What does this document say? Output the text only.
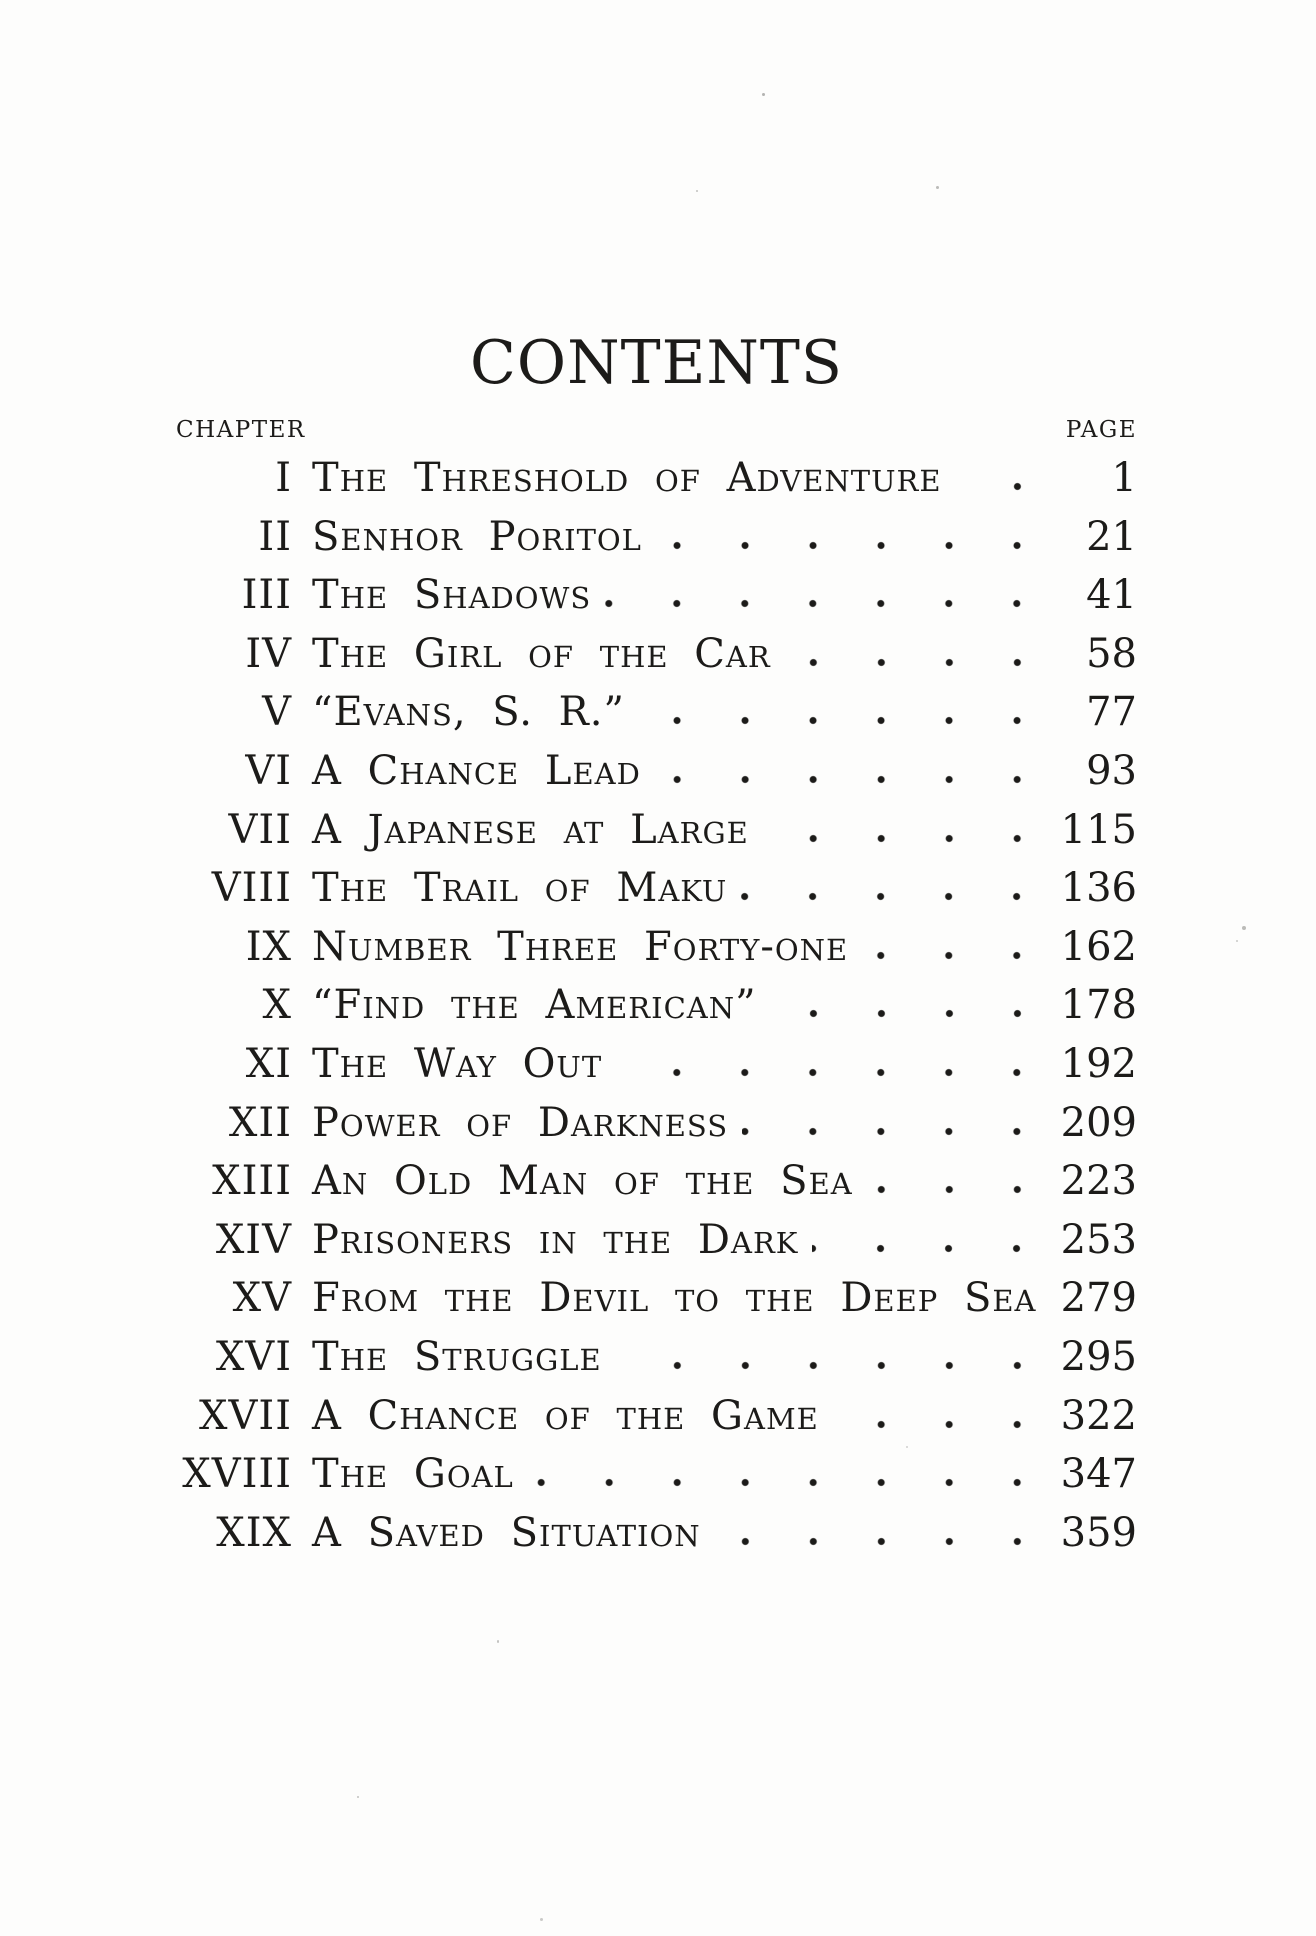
CONTENTS
CHAPTER	PAGE
I THE THRESHOLD OF ADVENTURE	1
II SENHOR PORITOL	21
III THE SHADOWS	41
IV THE GIRL OF THE CAR	58
V “EVANS, S. R.”	77
VI A CHANCE LEAD	93
VII A JAPANESE AT LARGE	115
VIII THE TRAIL OF MAKU	136
IX NUMBER THREE FORTY-ONE	162
X “FIND THE AMERICAN”	178
XI THE WAY OUT	192
XII POWER OF DARKNESS	209
XIII AN OLD MAN OF THE SEA	223
XIV PRISONERS IN THE DARK	253
XV FROM THE DEVIL TO THE DEEP SEA 279
XVI THE STRUGGLE	295
XVII A CHANCE OF THE GAME	322
XVIII THE GOAL	347
XIX A SAVED SITUATION	359
